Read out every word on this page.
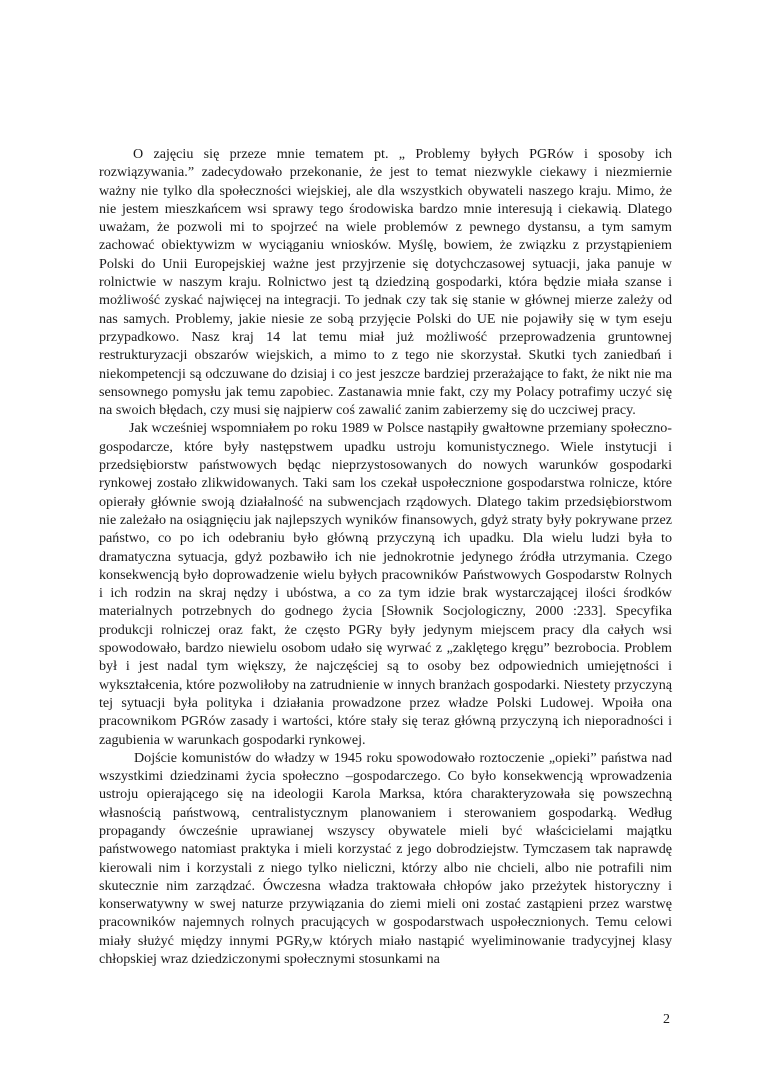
O zajęciu się przeze mnie tematem pt. „ Problemy byłych PGRów i sposoby ich rozwiązywania.” zadecydowało przekonanie, że jest to temat niezwykle ciekawy i niezmiernie ważny nie tylko dla społeczności wiejskiej, ale dla wszystkich obywateli naszego kraju. Mimo, że nie jestem mieszkańcem wsi sprawy tego środowiska bardzo mnie interesują i ciekawią. Dlatego uważam, że pozwoli mi to spojrzeć na wiele problemów z pewnego dystansu, a tym samym zachować obiektywizm w wyciąganiu wniosków. Myślę, bowiem, że związku z przystąpieniem Polski do Unii Europejskiej ważne jest przyjrzenie się dotychczasowej sytuacji, jaka panuje w rolnictwie w naszym kraju. Rolnictwo jest tą dziedziną gospodarki, która będzie miała szanse i możliwość zyskać najwięcej na integracji. To jednak czy tak się stanie w głównej mierze zależy od nas samych. Problemy, jakie niesie ze sobą przyjęcie Polski do UE nie pojawiły się w tym eseju przypadkowo. Nasz kraj 14 lat temu miał już możliwość przeprowadzenia gruntownej restrukturyzacji obszarów wiejskich, a mimo to z tego nie skorzystał. Skutki tych zaniedbań i niekompetencji są odczuwane do dzisiaj i co jest jeszcze bardziej przerażające to fakt, że nikt nie ma sensownego pomysłu jak temu zapobiec. Zastanawia mnie fakt, czy my Polacy potrafimy uczyć się na swoich błędach, czy musi się najpierw coś zawalić zanim zabierzemy się do uczciwej pracy.

Jak wcześniej wspomniałem po roku 1989 w Polsce nastąpiły gwałtowne przemiany społeczno- gospodarcze, które były następstwem upadku ustroju komunistycznego. Wiele instytucji i przedsiębiorstw państwowych będąc nieprzystosowanych do nowych warunków gospodarki rynkowej zostało zlikwidowanych. Taki sam los czekał uspołecznione gospodarstwa rolnicze, które opierały głównie swoją działalność na subwencjach rządowych. Dlatego takim przedsiębiorstwom nie zależało na osiągnięciu jak najlepszych wyników finansowych, gdyż straty były pokrywane przez państwo, co po ich odebraniu było główną przyczyną ich upadku. Dla wielu ludzi była to dramatyczna sytuacja, gdyż pozbawiło ich nie jednokrotnie jedynego źródła utrzymania. Czego konsekwencją było doprowadzenie wielu byłych pracowników Państwowych Gospodarstw Rolnych i ich rodzin na skraj nędzy i ubóstwa, a co za tym idzie brak wystarczającej ilości środków materialnych potrzebnych do godnego życia [Słownik Socjologiczny, 2000 :233]. Specyfika produkcji rolniczej oraz fakt, że często PGRy były jedynym miejscem pracy dla całych wsi spowodowało, bardzo niewielu osobom udało się wyrwać z „zaklętego kręgu” bezrobocia. Problem był i jest nadal tym większy, że najczęściej są to osoby bez odpowiednich umiejętności i wykształcenia, które pozwoliłoby na zatrudnienie w innych branżach gospodarki. Niestety przyczyną tej sytuacji była polityka i działania prowadzone przez władze Polski Ludowej. Wpoiła ona pracownikom PGRów zasady i wartości, które stały się teraz główną przyczyną ich nieporadności i zagubienia w warunkach gospodarki rynkowej.

Dojście komunistów do władzy w 1945 roku spowodowało roztoczenie „opieki” państwa nad wszystkimi dziedzinami życia społeczno –gospodarczego. Co było konsekwencją wprowadzenia ustroju opierającego się na ideologii Karola Marksa, która charakteryzowała się powszechną własnością państwową, centralistycznym planowaniem i sterowaniem gospodarką. Według propagandy ówcześnie uprawianej wszyscy obywatele mieli być właścicielami majątku państwowego natomiast praktyka i mieli korzystać z jego dobrodziejstw. Tymczasem tak naprawdę kierowali nim i korzystali z niego tylko nieliczni, którzy albo nie chcieli, albo nie potrafili nim skutecznie nim zarządzać. Ówczesna władza traktowała chłopów jako przeżytek historyczny i konserwatywny w swej naturze przywiązania do ziemi mieli oni zostać zastąpieni przez warstwę pracowników najemnych rolnych pracujących w gospodarstwach uspołecznionych. Temu celowi miały służyć między innymi PGRy,w których miało nastąpić wyeliminowanie tradycyjnej klasy chłopskiej wraz dziedziczonymi społecznymi stosunkami na

2
